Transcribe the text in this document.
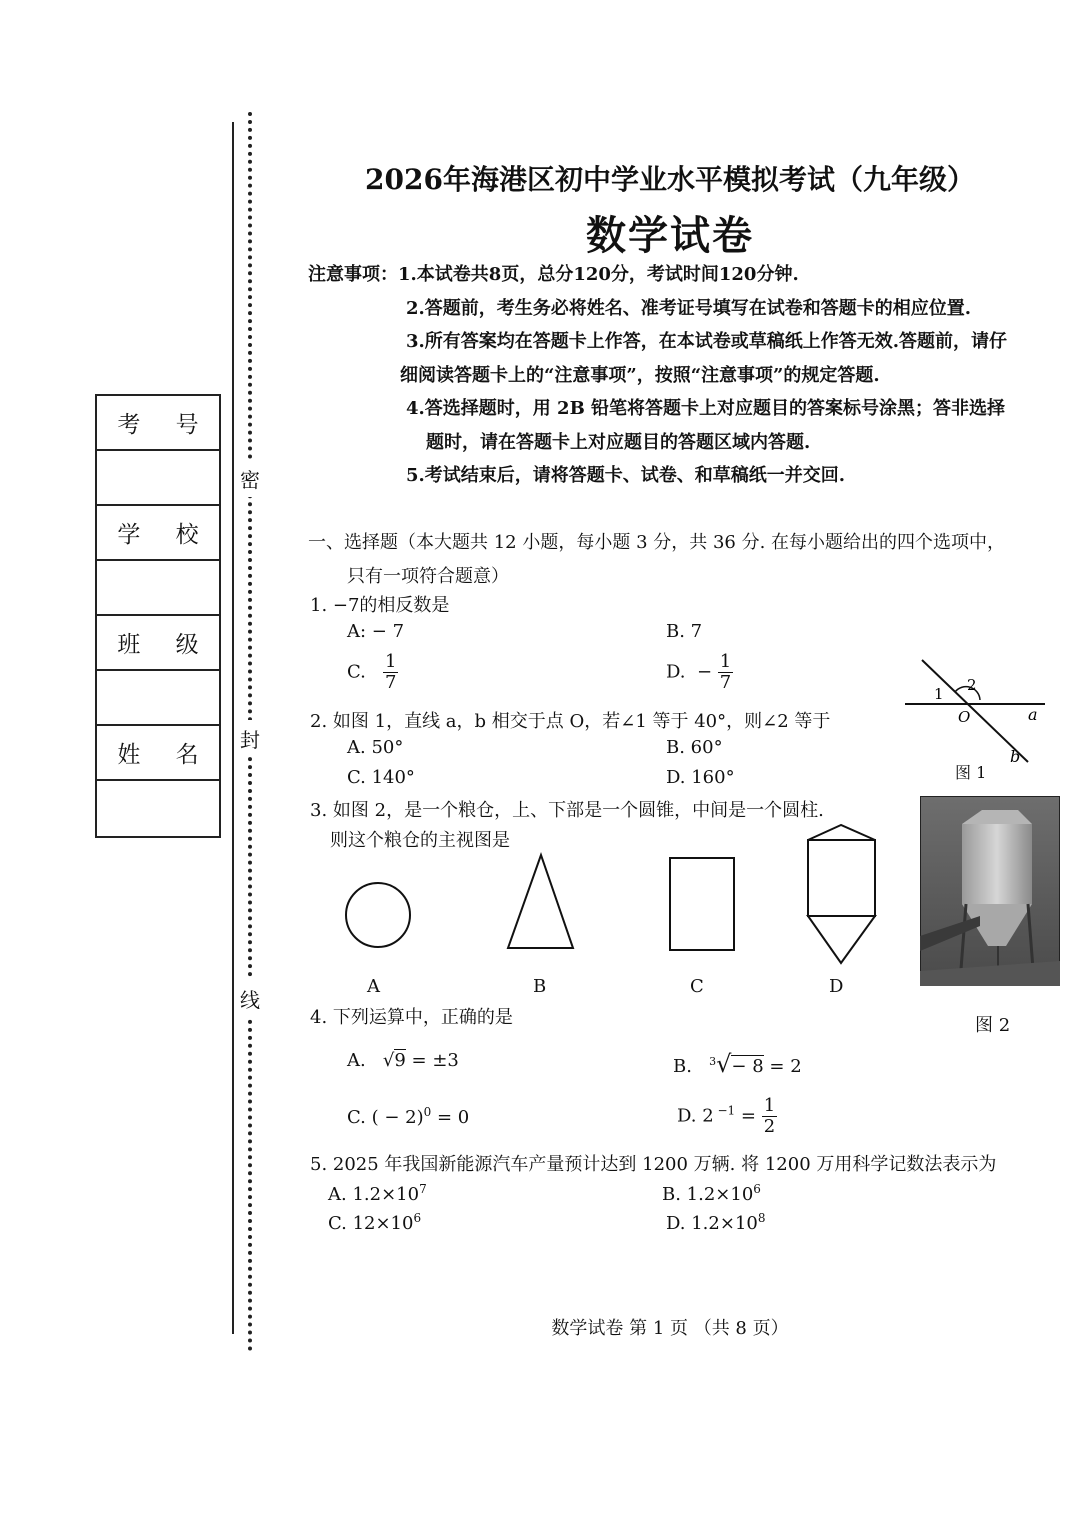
密
封
线
考 号
学 校
班 级
姓 名
2026年海港区初中学业水平模拟考试（九年级）
数学试卷
注意事项：1.本试卷共8页，总分120分，考试时间120分钟.
2.答题前，考生务必将姓名、准考证号填写在试卷和答题卡的相应位置.
3.所有答案均在答题卡上作答，在本试卷或草稿纸上作答无效.答题前，请仔
细阅读答题卡上的“注意事项”，按照“注意事项”的规定答题.
4.答选择题时，用 2B 铅笔将答题卡上对应题目的答案标号涂黑；答非选择
题时，请在答题卡上对应题目的答题区域内答题.
5.考试结束后，请将答题卡、试卷、和草稿纸一并交回.
一、选择题（本大题共 12 小题，每小题 3 分，共 36 分. 在每小题给出的四个选项中，
只有一项符合题意）
1. −7的相反数是
A: − 7	B. 7
C. $\frac{1}{7}$	D. − $\frac{1}{7}$
2. 如图 1，直线 a，b 相交于点 O，若∠1 等于 40°，则∠2 等于
A. 50°	B. 60°
C. 140°	D. 160°
1 2
O	a
b
图 1
3. 如图 2，是一个粮仓，上、下部是一个圆锥，中间是一个圆柱.
则这个粮仓的主视图是
A	B	C	D
图 2
4. 下列运算中，正确的是
A.   √9 = ±3	B. $^3$√− 8 = 2
C. ( − 2)$^0$ = 0	D. 2 $^{-1} = \frac{1}{2}$
5. 2025 年我国新能源汽车产量预计达到 1200 万辆. 将 1200 万用科学记数法表示为
A. $1.2\times 10^7$	B. $1.2\times 10^6$
C. $12\times 10^6$	D. $1.2\times 10^8$
数学试卷 第 1 页 （共 8 页）
